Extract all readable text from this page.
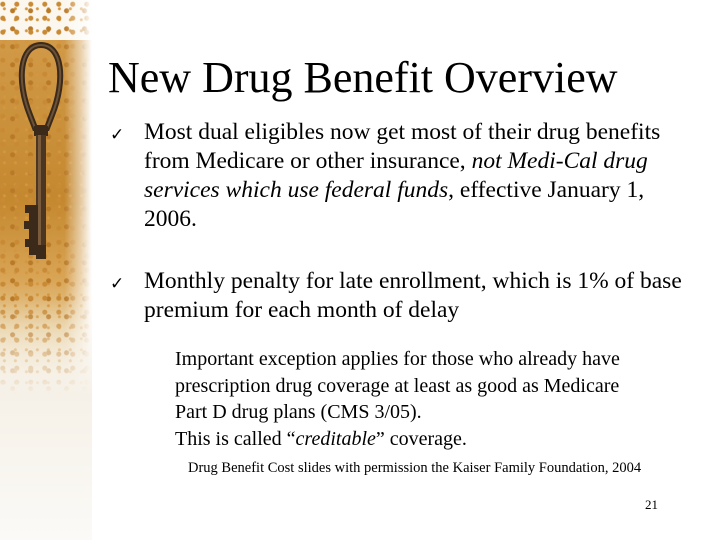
New Drug Benefit Overview
✓ Most dual eligibles now get most of their drug benefits from Medicare or other insurance, not Medi-Cal drug services which use federal funds, effective January 1, 2006.
✓ Monthly penalty for late enrollment, which is 1% of base premium for each month of delay
Important exception applies for those who already have
prescription drug coverage at least as good as Medicare
Part D drug plans (CMS 3/05).
This is called “creditable” coverage.
Drug Benefit Cost slides with permission the Kaiser Family Foundation, 2004
21
